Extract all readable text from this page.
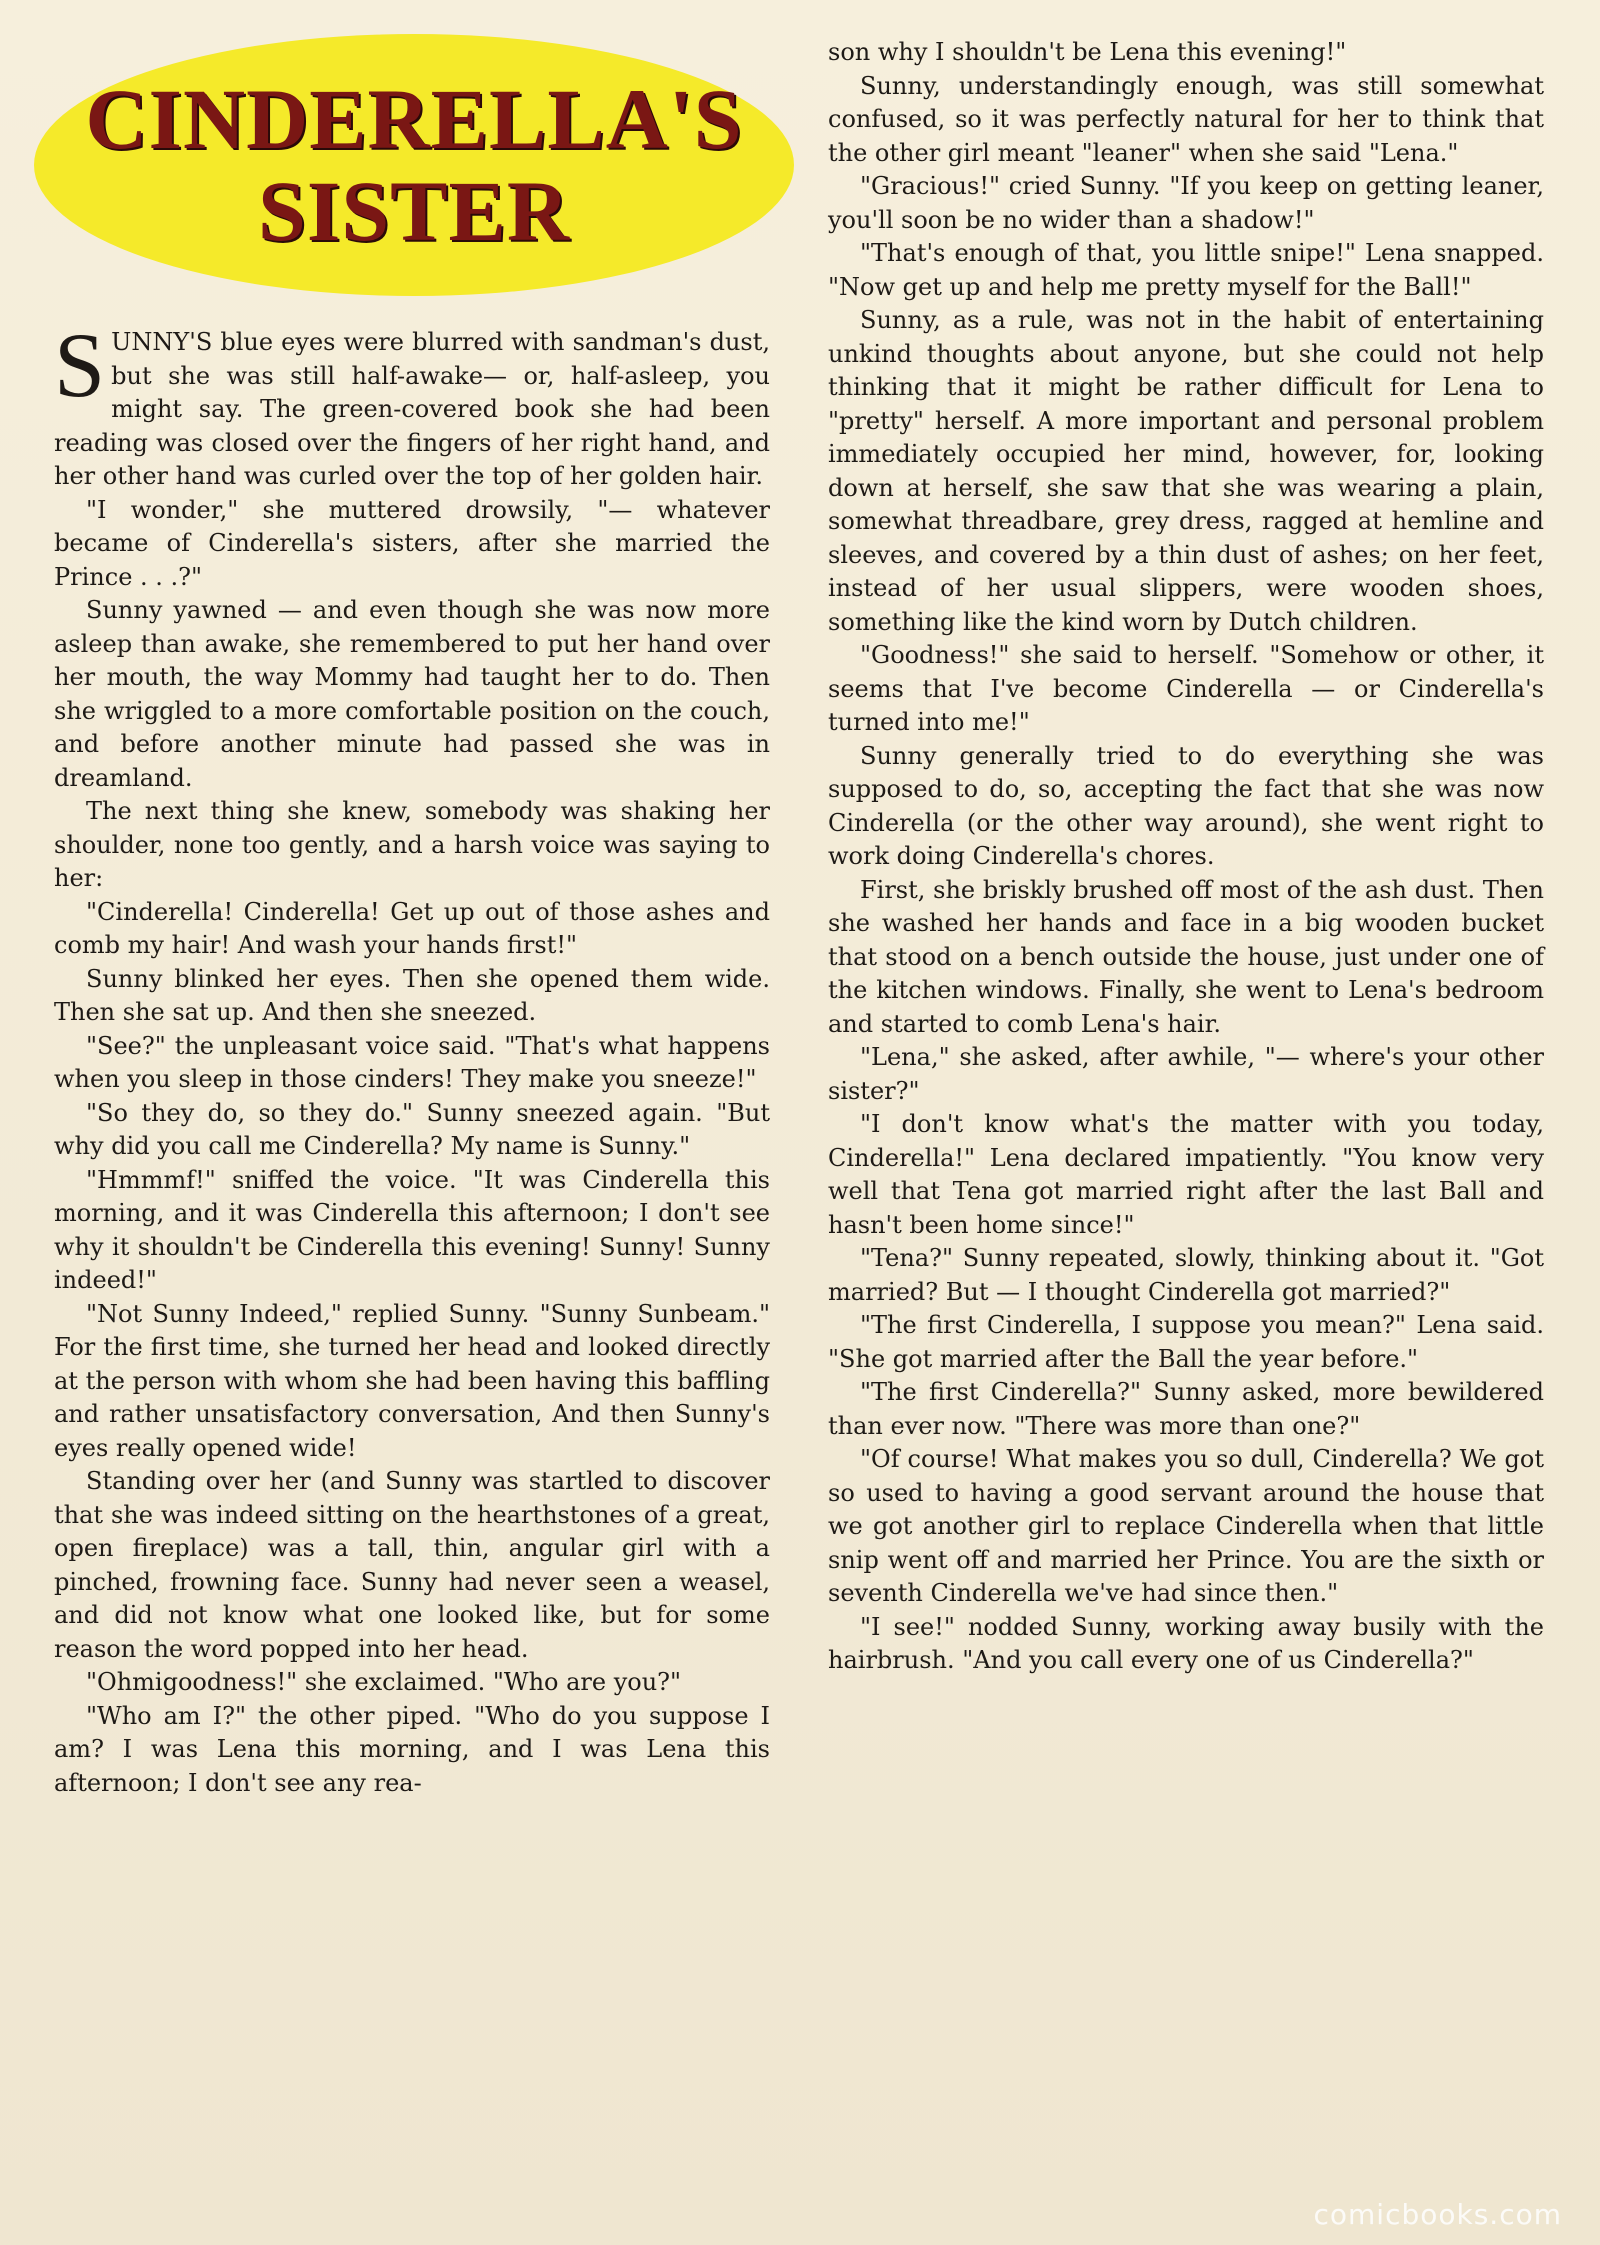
CINDERELLA'S
SISTER

SUNNY'S blue eyes were blurred with sandman's dust, but she was still half-awake— or, half-asleep, you might say. The green-covered book she had been reading was closed over the fingers of her right hand, and her other hand was curled over the top of her golden hair.

"I wonder," she muttered drowsily, "— whatever became of Cinderella's sisters, after she married the Prince . . .?"

Sunny yawned — and even though she was now more asleep than awake, she remembered to put her hand over her mouth, the way Mommy had taught her to do. Then she wriggled to a more comfortable position on the couch, and before another minute had passed she was in dreamland.

The next thing she knew, somebody was shaking her shoulder, none too gently, and a harsh voice was saying to her:

"Cinderella! Cinderella! Get up out of those ashes and comb my hair! And wash your hands first!"

Sunny blinked her eyes. Then she opened them wide. Then she sat up. And then she sneezed.

"See?" the unpleasant voice said. "That's what happens when you sleep in those cinders! They make you sneeze!"

"So they do, so they do." Sunny sneezed again. "But why did you call me Cinderella? My name is Sunny."

"Hmmmf!" sniffed the voice. "It was Cinderella this morning, and it was Cinderella this afternoon; I don't see why it shouldn't be Cinderella this evening! Sunny! Sunny indeed!"

"Not Sunny Indeed," replied Sunny. "Sunny Sunbeam." For the first time, she turned her head and looked directly at the person with whom she had been having this baffling and rather unsatisfactory conversation, And then Sunny's eyes really opened wide!

Standing over her (and Sunny was startled to discover that she was indeed sitting on the hearthstones of a great, open fireplace) was a tall, thin, angular girl with a pinched, frowning face. Sunny had never seen a weasel, and did not know what one looked like, but for some reason the word popped into her head.

"Ohmigoodness!" she exclaimed. "Who are you?"

"Who am I?" the other piped. "Who do you suppose I am? I was Lena this morning, and I was Lena this afternoon; I don't see any rea-

son why I shouldn't be Lena this evening!"

Sunny, understandingly enough, was still somewhat confused, so it was perfectly natural for her to think that the other girl meant "leaner" when she said "Lena."

"Gracious!" cried Sunny. "If you keep on getting leaner, you'll soon be no wider than a shadow!"

"That's enough of that, you little snipe!" Lena snapped. "Now get up and help me pretty myself for the Ball!"

Sunny, as a rule, was not in the habit of entertaining unkind thoughts about anyone, but she could not help thinking that it might be rather difficult for Lena to "pretty" herself. A more important and personal problem immediately occupied her mind, however, for, looking down at herself, she saw that she was wearing a plain, somewhat threadbare, grey dress, ragged at hemline and sleeves, and covered by a thin dust of ashes; on her feet, instead of her usual slippers, were wooden shoes, something like the kind worn by Dutch children.

"Goodness!" she said to herself. "Somehow or other, it seems that I've become Cinderella — or Cinderella's turned into me!"

Sunny generally tried to do everything she was supposed to do, so, accepting the fact that she was now Cinderella (or the other way around), she went right to work doing Cinderella's chores.

First, she briskly brushed off most of the ash dust. Then she washed her hands and face in a big wooden bucket that stood on a bench outside the house, just under one of the kitchen windows. Finally, she went to Lena's bedroom and started to comb Lena's hair.

"Lena," she asked, after awhile, "— where's your other sister?"

"I don't know what's the matter with you today, Cinderella!" Lena declared impatiently. "You know very well that Tena got married right after the last Ball and hasn't been home since!"

"Tena?" Sunny repeated, slowly, thinking about it. "Got married? But — I thought Cinderella got married?"

"The first Cinderella, I suppose you mean?" Lena said. "She got married after the Ball the year before."

"The first Cinderella?" Sunny asked, more bewildered than ever now. "There was more than one?"

"Of course! What makes you so dull, Cinderella? We got so used to having a good servant around the house that we got another girl to replace Cinderella when that little snip went off and married her Prince. You are the sixth or seventh Cinderella we've had since then."

"I see!" nodded Sunny, working away busily with the hairbrush. "And you call every one of us Cinderella?"

comicbooks.com
